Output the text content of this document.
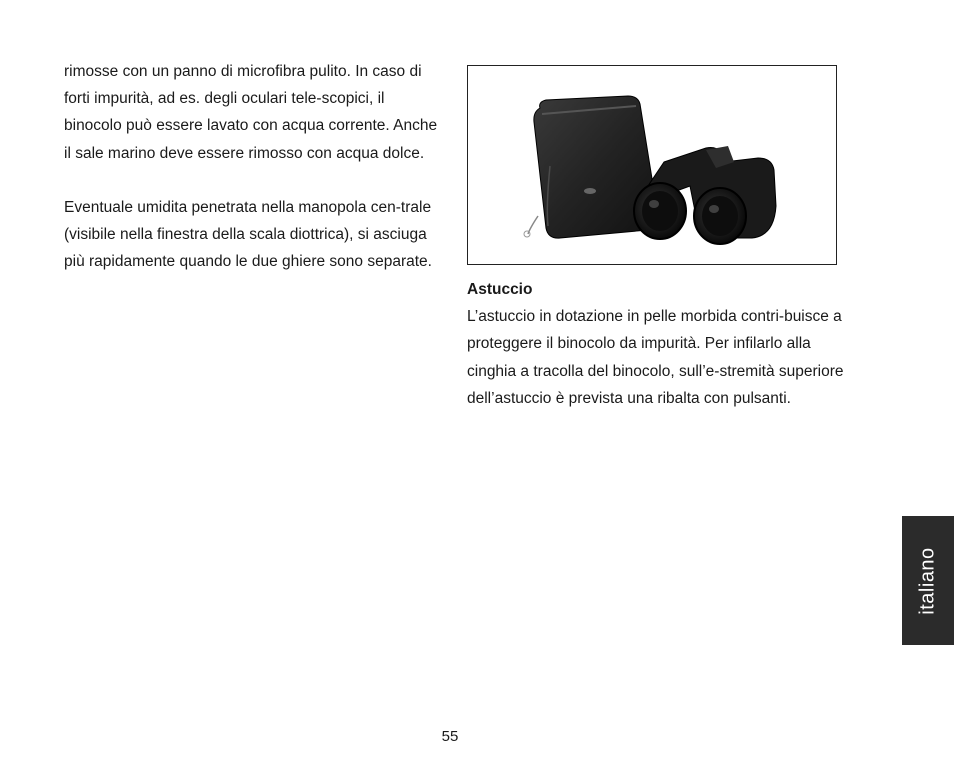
rimosse con un panno di microfibra pulito. In caso di forti impurità, ad es. degli oculari tele-scopici, il binocolo può essere lavato con acqua corrente. Anche il sale marino deve essere rimosso con acqua dolce.

Eventuale umidita penetrata nella manopola cen-trale (visibile nella finestra della scala diottrica), si asciuga più rapidamente quando le due ghiere sono separate.

Astuccio

L’astuccio in dotazione in pelle morbida contri-buisce a proteggere il binocolo da impurità. Per infilarlo alla cinghia a tracolla del binocolo, sull’e-stremità superiore dell’astuccio è prevista una ribalta con pulsanti.

italiano
55
